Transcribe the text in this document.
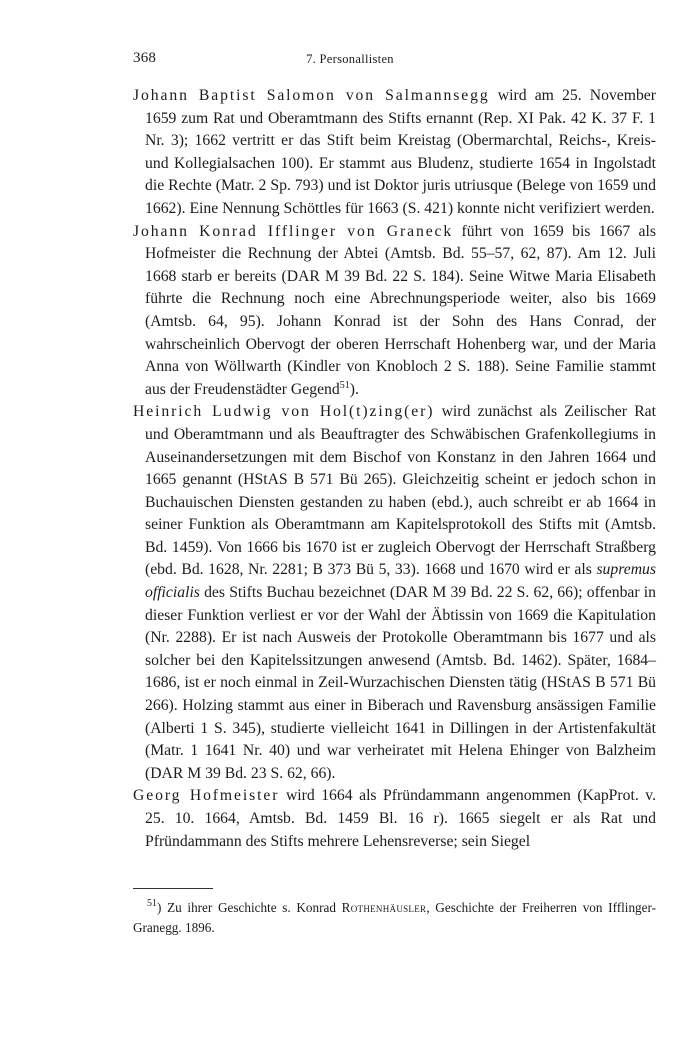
368	7. Personallisten

Johann Baptist Salomon von Salmannsegg wird am 25. November 1659 zum Rat und Oberamtmann des Stifts ernannt (Rep. XI Pak. 42 K. 37 F. 1 Nr. 3); 1662 vertritt er das Stift beim Kreistag (Obermarchtal, Reichs-, Kreis- und Kollegialsachen 100). Er stammt aus Bludenz, studierte 1654 in Ingolstadt die Rechte (Matr. 2 Sp. 793) und ist Doktor juris utriusque (Belege von 1659 und 1662). Eine Nennung Schöttles für 1663 (S. 421) konnte nicht verifiziert werden.

Johann Konrad Ifflinger von Graneck führt von 1659 bis 1667 als Hofmeister die Rechnung der Abtei (Amtsb. Bd. 55–57, 62, 87). Am 12. Juli 1668 starb er bereits (DAR M 39 Bd. 22 S. 184). Seine Witwe Maria Elisabeth führte die Rechnung noch eine Abrechnungsperiode weiter, also bis 1669 (Amtsb. 64, 95). Johann Konrad ist der Sohn des Hans Conrad, der wahrscheinlich Obervogt der oberen Herrschaft Hohenberg war, und der Maria Anna von Wöllwarth (Kindler von Knobloch 2 S. 188). Seine Familie stammt aus der Freudenstädter Gegend$^{51}$).

Heinrich Ludwig von Hol(t)zing(er) wird zunächst als Zeilischer Rat und Oberamtmann und als Beauftragter des Schwäbischen Grafenkollegiums in Auseinandersetzungen mit dem Bischof von Konstanz in den Jahren 1664 und 1665 genannt (HStAS B 571 Bü 265). Gleichzeitig scheint er jedoch schon in Buchauischen Diensten gestanden zu haben (ebd.), auch schreibt er ab 1664 in seiner Funktion als Oberamtmann am Kapitelsprotokoll des Stifts mit (Amtsb. Bd. 1459). Von 1666 bis 1670 ist er zugleich Obervogt der Herrschaft Straßberg (ebd. Bd. 1628, Nr. 2281; B 373 Bü 5, 33). 1668 und 1670 wird er als supremus officialis des Stifts Buchau bezeichnet (DAR M 39 Bd. 22 S. 62, 66); offenbar in dieser Funktion verliest er vor der Wahl der Äbtissin von 1669 die Kapitulation (Nr. 2288). Er ist nach Ausweis der Protokolle Oberamtmann bis 1677 und als solcher bei den Kapitelssitzungen anwesend (Amtsb. Bd. 1462). Später, 1684–1686, ist er noch einmal in Zeil-Wurzachischen Diensten tätig (HStAS B 571 Bü 266). Holzing stammt aus einer in Biberach und Ravensburg ansässigen Familie (Alberti 1 S. 345), studierte vielleicht 1641 in Dillingen in der Artistenfakultät (Matr. 1 1641 Nr. 40) und war verheiratet mit Helena Ehinger von Balzheim (DAR M 39 Bd. 23 S. 62, 66).

Georg Hofmeister wird 1664 als Pfründammann angenommen (KapProt. v. 25. 10. 1664, Amtsb. Bd. 1459 Bl. 16 r). 1665 siegelt er als Rat und Pfründammann des Stifts mehrere Lehensreverse; sein Siegel

$^{51}$) Zu ihrer Geschichte s. Konrad Rothenhäusler, Geschichte der Freiherren von Ifflinger-Granegg. 1896.
